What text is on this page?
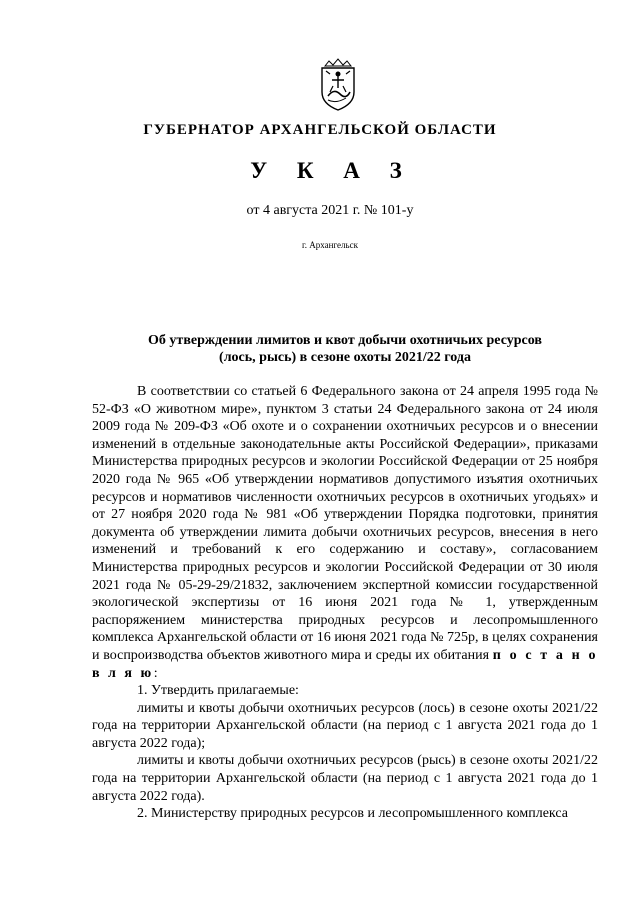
ГУБЕРНАТОР АРХАНГЕЛЬСКОЙ ОБЛАСТИ
У К А З
от 4 августа 2021 г. № 101-у
г. Архангельск
Об утверждении лимитов и квот добычи охотничьих ресурсов
(лось, рысь) в сезоне охоты 2021/22 года

В соответствии со статьей 6 Федерального закона от 24 апреля 1995 года № 52-ФЗ «О животном мире», пунктом 3 статьи 24 Федерального закона от 24 июля 2009 года № 209-ФЗ «Об охоте и о сохранении охотничьих ресурсов и о внесении изменений в отдельные законодательные акты Российской Федерации», приказами Министерства природных ресурсов и экологии Российской Федерации от 25 ноября 2020 года № 965 «Об утверждении нормативов допустимого изъятия охотничьих ресурсов и нормативов численности охотничьих ресурсов в охотничьих угодьях» и от 27 ноября 2020 года № 981 «Об утверждении Порядка подготовки, принятия документа об утверждении лимита добычи охотничьих ресурсов, внесения в него изменений и требований к его содержанию и составу», согласованием Министерства природных ресурсов и экологии Российской Федерации от 30 июля 2021 года № 05-29-29/21832, заключением экспертной комиссии государственной экологической экспертизы от 16 июня 2021 года № 1, утвержденным распоряжением министерства природных ресурсов и лесопромышленного комплекса Архангельской области от 16 июня 2021 года № 725р, в целях сохранения и воспроизводства объектов животного мира и среды их обитания п о с т а н о в л я ю:

1. Утвердить прилагаемые:

лимиты и квоты добычи охотничьих ресурсов (лось) в сезоне охоты 2021/22 года на территории Архангельской области (на период с 1 августа 2021 года до 1 августа 2022 года);

лимиты и квоты добычи охотничьих ресурсов (рысь) в сезоне охоты 2021/22 года на территории Архангельской области (на период с 1 августа 2021 года до 1 августа 2022 года).

2. Министерству природных ресурсов и лесопромышленного комплекса
